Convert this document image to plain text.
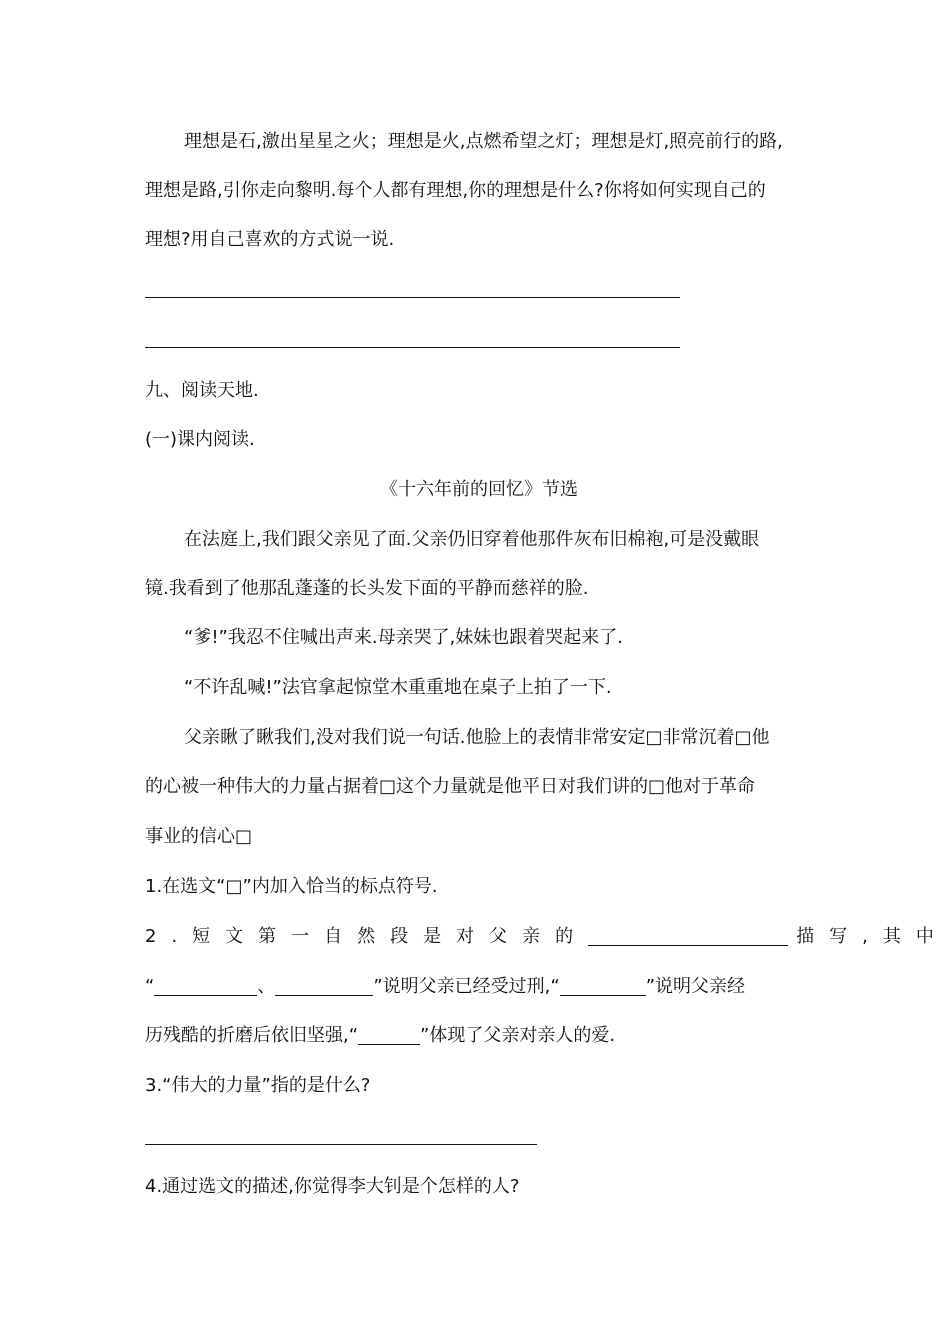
理想是石,激出星星之火；理想是火,点燃希望之灯；理想是灯,照亮前行的路,
理想是路,引你走向黎明.每个人都有理想,你的理想是什么?你将如何实现自己的
理想?用自己喜欢的方式说一说.
九、阅读天地.
(一)课内阅读.
《十六年前的回忆》节选
在法庭上,我们跟父亲见了面.父亲仍旧穿着他那件灰布旧棉袍,可是没戴眼
镜.我看到了他那乱蓬蓬的长头发下面的平静而慈祥的脸.
“爹!”我忍不住喊出声来.母亲哭了,妹妹也跟着哭起来了.
“不许乱喊!”法官拿起惊堂木重重地在桌子上拍了一下.
父亲瞅了瞅我们,没对我们说一句话.他脸上的表情非常安定□非常沉着□他
的心被一种伟大的力量占据着□这个力量就是他平日对我们讲的□他对于革命
事业的信心□
1.在选文“□”内加入恰当的标点符号.
2.短文第一自然段是对父亲的	描写,其中
“	、	”说明父亲已经受过刑,“	”说明父亲经
历残酷的折磨后依旧坚强,“	”体现了父亲对亲人的爱.
3.“伟大的力量”指的是什么?
4.通过选文的描述,你觉得李大钊是个怎样的人?
